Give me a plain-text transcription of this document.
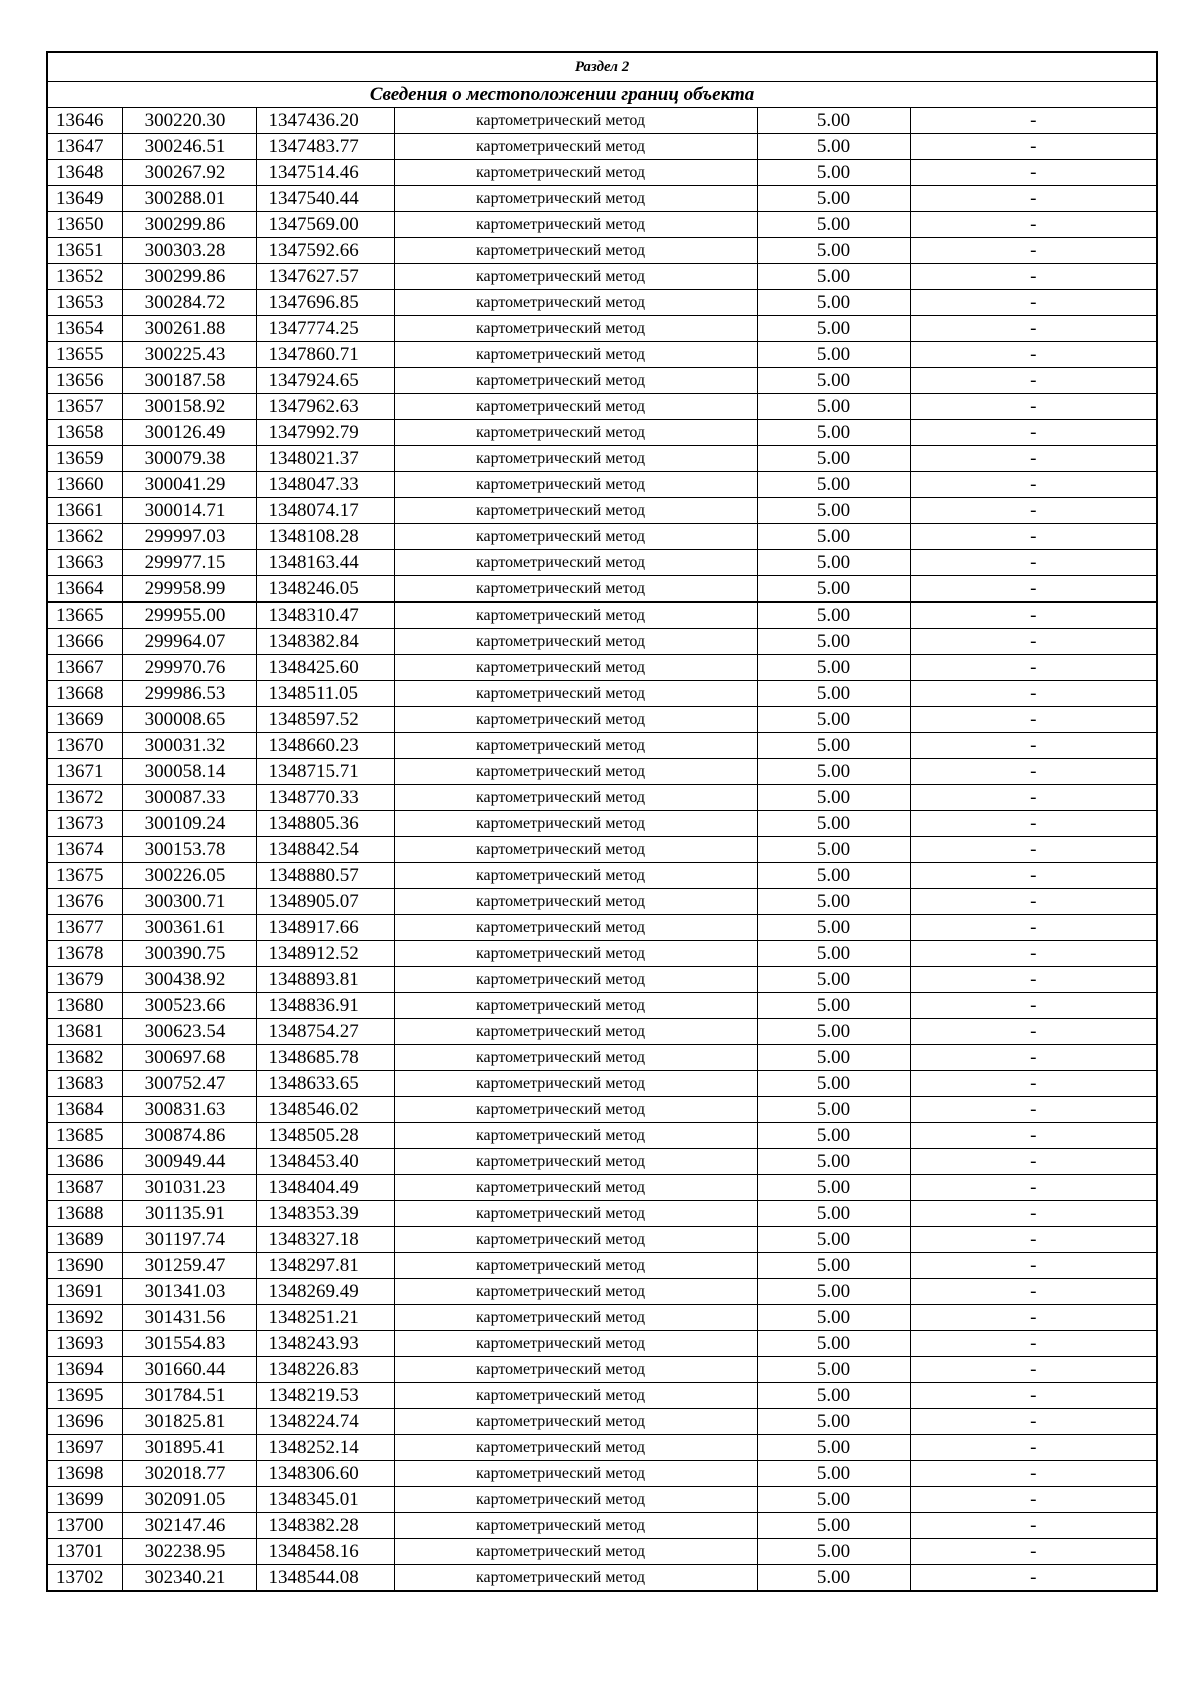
Раздел 2					
Сведения о местоположении границ объекта					
13646	300220.30	1347436.20	картометрический метод	5.00	-
13647	300246.51	1347483.77	картометрический метод	5.00	-
13648	300267.92	1347514.46	картометрический метод	5.00	-
13649	300288.01	1347540.44	картометрический метод	5.00	-
13650	300299.86	1347569.00	картометрический метод	5.00	-
13651	300303.28	1347592.66	картометрический метод	5.00	-
13652	300299.86	1347627.57	картометрический метод	5.00	-
13653	300284.72	1347696.85	картометрический метод	5.00	-
13654	300261.88	1347774.25	картометрический метод	5.00	-
13655	300225.43	1347860.71	картометрический метод	5.00	-
13656	300187.58	1347924.65	картометрический метод	5.00	-
13657	300158.92	1347962.63	картометрический метод	5.00	-
13658	300126.49	1347992.79	картометрический метод	5.00	-
13659	300079.38	1348021.37	картометрический метод	5.00	-
13660	300041.29	1348047.33	картометрический метод	5.00	-
13661	300014.71	1348074.17	картометрический метод	5.00	-
13662	299997.03	1348108.28	картометрический метод	5.00	-
13663	299977.15	1348163.44	картометрический метод	5.00	-
13664	299958.99	1348246.05	картометрический метод	5.00	-
13665	299955.00	1348310.47	картометрический метод	5.00	-
13666	299964.07	1348382.84	картометрический метод	5.00	-
13667	299970.76	1348425.60	картометрический метод	5.00	-
13668	299986.53	1348511.05	картометрический метод	5.00	-
13669	300008.65	1348597.52	картометрический метод	5.00	-
13670	300031.32	1348660.23	картометрический метод	5.00	-
13671	300058.14	1348715.71	картометрический метод	5.00	-
13672	300087.33	1348770.33	картометрический метод	5.00	-
13673	300109.24	1348805.36	картометрический метод	5.00	-
13674	300153.78	1348842.54	картометрический метод	5.00	-
13675	300226.05	1348880.57	картометрический метод	5.00	-
13676	300300.71	1348905.07	картометрический метод	5.00	-
13677	300361.61	1348917.66	картометрический метод	5.00	-
13678	300390.75	1348912.52	картометрический метод	5.00	-
13679	300438.92	1348893.81	картометрический метод	5.00	-
13680	300523.66	1348836.91	картометрический метод	5.00	-
13681	300623.54	1348754.27	картометрический метод	5.00	-
13682	300697.68	1348685.78	картометрический метод	5.00	-
13683	300752.47	1348633.65	картометрический метод	5.00	-
13684	300831.63	1348546.02	картометрический метод	5.00	-
13685	300874.86	1348505.28	картометрический метод	5.00	-
13686	300949.44	1348453.40	картометрический метод	5.00	-
13687	301031.23	1348404.49	картометрический метод	5.00	-
13688	301135.91	1348353.39	картометрический метод	5.00	-
13689	301197.74	1348327.18	картометрический метод	5.00	-
13690	301259.47	1348297.81	картометрический метод	5.00	-
13691	301341.03	1348269.49	картометрический метод	5.00	-
13692	301431.56	1348251.21	картометрический метод	5.00	-
13693	301554.83	1348243.93	картометрический метод	5.00	-
13694	301660.44	1348226.83	картометрический метод	5.00	-
13695	301784.51	1348219.53	картометрический метод	5.00	-
13696	301825.81	1348224.74	картометрический метод	5.00	-
13697	301895.41	1348252.14	картометрический метод	5.00	-
13698	302018.77	1348306.60	картометрический метод	5.00	-
13699	302091.05	1348345.01	картометрический метод	5.00	-
13700	302147.46	1348382.28	картометрический метод	5.00	-
13701	302238.95	1348458.16	картометрический метод	5.00	-
13702	302340.21	1348544.08	картометрический метод	5.00	-
